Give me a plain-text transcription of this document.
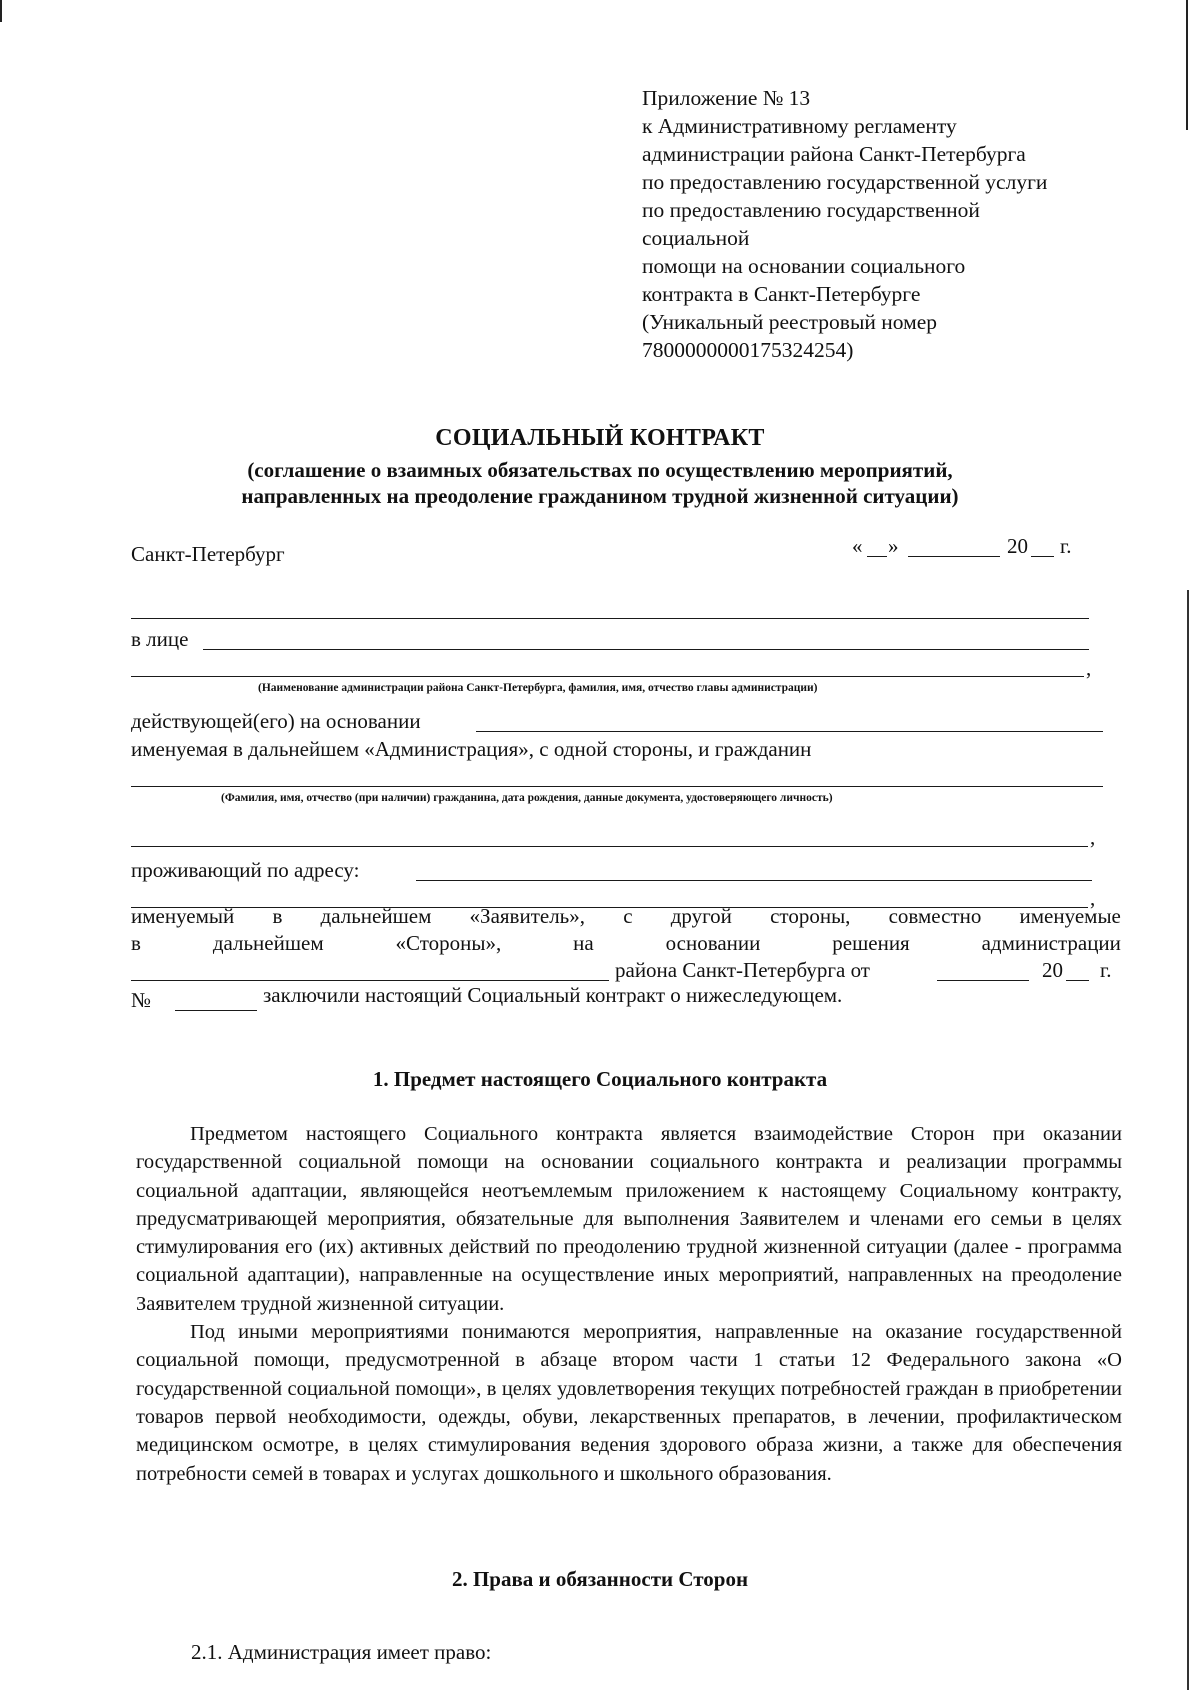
Приложение № 13
к Административному регламенту
администрации района Санкт-Петербурга
по предоставлению государственной услуги
по предоставлению государственной
социальной
помощи на основании социального
контракта в Санкт-Петербурге
(Уникальный реестровый номер
7800000000175324254)
СОЦИАЛЬНЫЙ КОНТРАКТ
(соглашение о взаимных обязательствах по осуществлению мероприятий,
направленных на преодоление гражданином трудной жизненной ситуации)
Санкт-Петербург	« »	20 г.
в лице
,
(Наименование администрации района Санкт-Петербурга, фамилия, имя, отчество главы администрации)
действующей(его) на основании
именуемая в дальнейшем «Администрация», с одной стороны, и гражданин
(Фамилия, имя, отчество (при наличии) гражданина, дата рождения, данные документа, удостоверяющего личность)
,
проживающий по адресу:
,
именуемый в дальнейшем «Заявитель», с другой стороны, совместно именуемые
в	дальнейшем	«Стороны»,	на	основании	решения	администрации
района Санкт-Петербурга от	20 г.
№	заключили настоящий Социальный контракт о нижеследующем.
1. Предмет настоящего Социального контракта

Предметом настоящего Социального контракта является взаимодействие Сторон при оказании государственной социальной помощи на основании социального контракта и реализации программы социальной адаптации, являющейся неотъемлемым приложением к настоящему Социальному контракту, предусматривающей мероприятия, обязательные для выполнения Заявителем и членами его семьи в целях стимулирования его (их) активных действий по преодолению трудной жизненной ситуации (далее - программа социальной адаптации), направленные на осуществление иных мероприятий, направленных на преодоление Заявителем трудной жизненной ситуации.

Под иными мероприятиями понимаются мероприятия, направленные на оказание государственной социальной помощи, предусмотренной в абзаце втором части 1 статьи 12 Федерального закона «О государственной социальной помощи», в целях удовлетворения текущих потребностей граждан в приобретении товаров первой необходимости, одежды, обуви, лекарственных препаратов, в лечении, профилактическом медицинском осмотре, в целях стимулирования ведения здорового образа жизни, а также для обеспечения потребности семей в товарах и услугах дошкольного и школьного образования.

2. Права и обязанности Сторон
2.1. Администрация имеет право:
